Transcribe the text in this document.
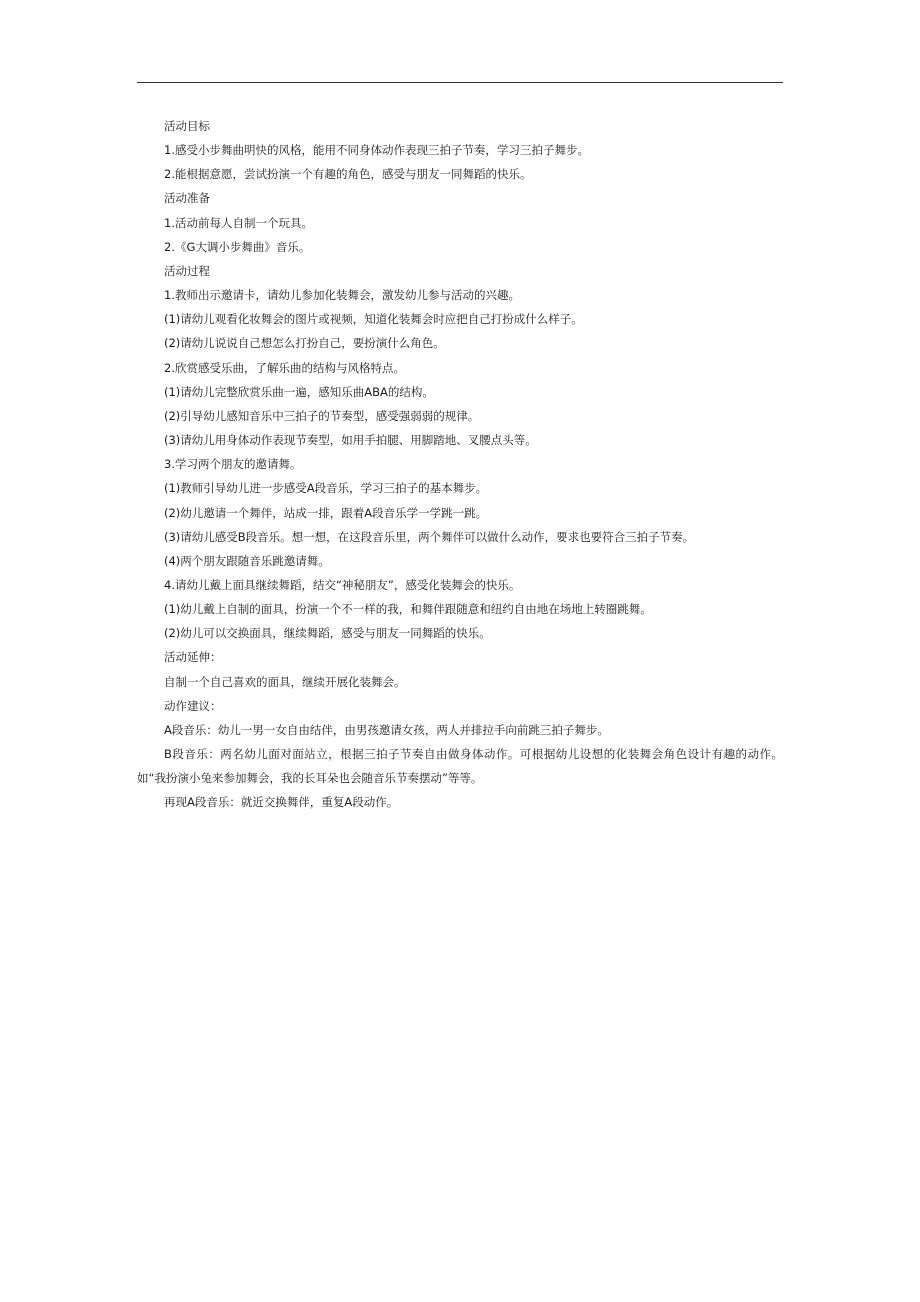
活动目标
1.感受小步舞曲明快的风格，能用不同身体动作表现三拍子节奏，学习三拍子舞步。
2.能根据意愿，尝试扮演一个有趣的角色，感受与朋友一同舞蹈的快乐。
活动准备
1.活动前每人自制一个玩具。
2.《G大调小步舞曲》音乐。
活动过程
1.教师出示邀请卡，请幼儿参加化装舞会，激发幼儿参与活动的兴趣。
(1)请幼儿观看化妆舞会的图片或视频，知道化装舞会时应把自己打扮成什么样子。
(2)请幼儿说说自己想怎么打扮自己，要扮演什么角色。
2.欣赏感受乐曲，了解乐曲的结构与风格特点。
(1)请幼儿完整欣赏乐曲一遍，感知乐曲ABA的结构。
(2)引导幼儿感知音乐中三拍子的节奏型，感受强弱弱的规律。
(3)请幼儿用身体动作表现节奏型，如用手拍腿、用脚踏地、叉腰点头等。
3.学习两个朋友的邀请舞。
(1)教师引导幼儿进一步感受A段音乐，学习三拍子的基本舞步。
(2)幼儿邀请一个舞伴，站成一排，跟着A段音乐学一学跳一跳。
(3)请幼儿感受B段音乐。想一想，在这段音乐里，两个舞伴可以做什么动作，要求也要符合三拍子节奏。
(4)两个朋友跟随音乐跳邀请舞。
4.请幼儿戴上面具继续舞蹈，结交“神秘朋友”，感受化装舞会的快乐。
(1)幼儿戴上自制的面具，扮演一个不一样的我，和舞伴跟随意和纽约自由地在场地上转圈跳舞。
(2)幼儿可以交换面具，继续舞蹈，感受与朋友一同舞蹈的快乐。
活动延伸：
自制一个自己喜欢的面具，继续开展化装舞会。
动作建议：
A段音乐：幼儿一男一女自由结伴，由男孩邀请女孩，两人并排拉手向前跳三拍子舞步。
B段音乐：两名幼儿面对面站立，根据三拍子节奏自由做身体动作。可根据幼儿设想的化装舞会角色设计有趣的动作。如“我扮演小兔来参加舞会，我的长耳朵也会随音乐节奏摆动”等等。
再现A段音乐：就近交换舞伴，重复A段动作。
